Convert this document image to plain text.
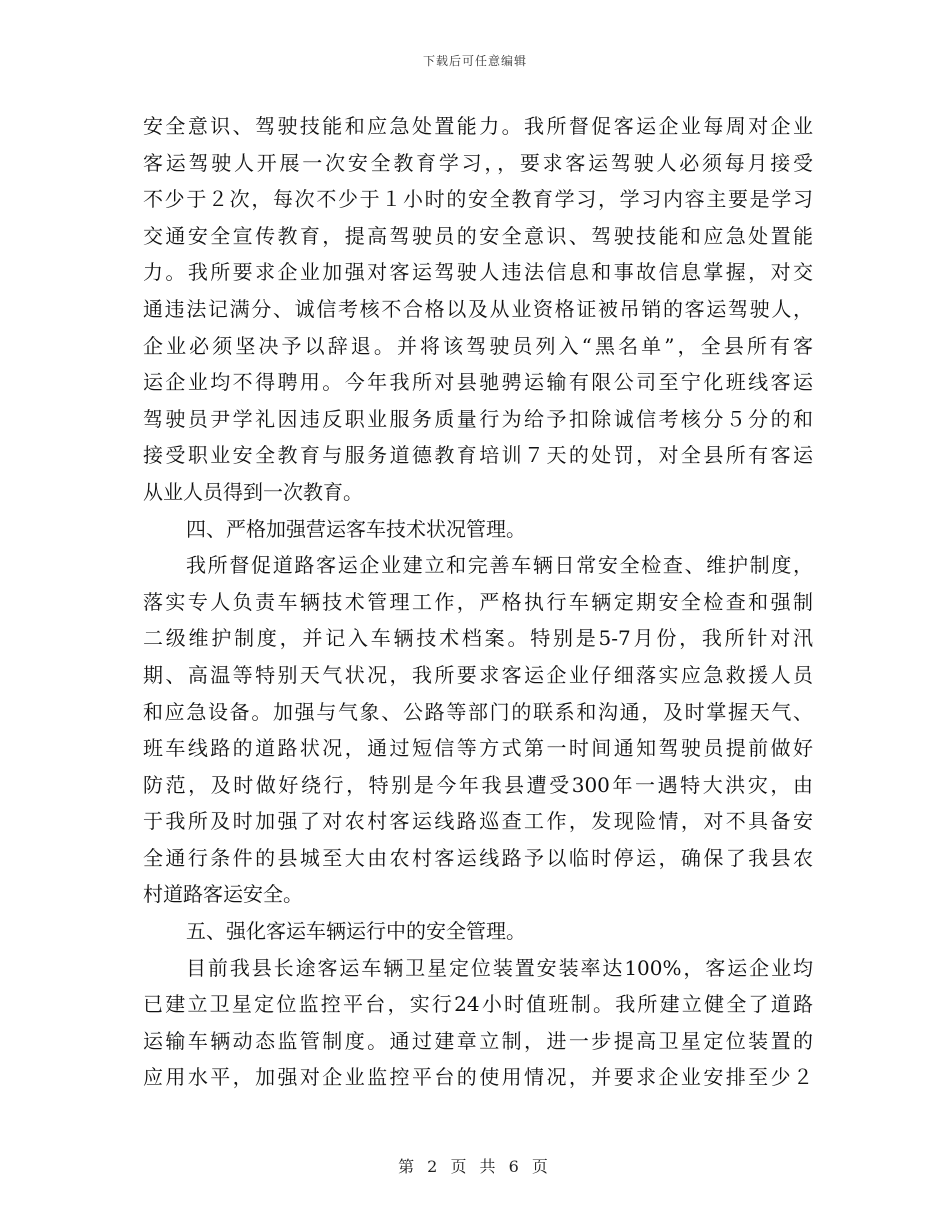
下载后可任意编辑
安全意识、驾驶技能和应急处置能力。我所督促客运企业每周对企业
客运驾驶人开展一次安全教育学习，，要求客运驾驶人必须每月接受
不少于２次，每次不少于１小时的安全教育学习，学习内容主要是学习
交通安全宣传教育，提高驾驶员的安全意识、驾驶技能和应急处置能
力。我所要求企业加强对客运驾驶人违法信息和事故信息掌握，对交
通违法记满分、诚信考核不合格以及从业资格证被吊销的客运驾驶人，
企业必须坚决予以辞退。并将该驾驶员列入“黑名单”，全县所有客
运企业均不得聘用。今年我所对县驰骋运输有限公司至宁化班线客运
驾驶员尹学礼因违反职业服务质量行为给予扣除诚信考核分５分的和
接受职业安全教育与服务道德教育培训７天的处罚，对全县所有客运
从业人员得到一次教育。
四、严格加强营运客车技术状况管理。
我所督促道路客运企业建立和完善车辆日常安全检查、维护制度，
落实专人负责车辆技术管理工作，严格执行车辆定期安全检查和强制
二级维护制度，并记入车辆技术档案。特别是5-7月份，我所针对汛
期、高温等特别天气状况，我所要求客运企业仔细落实应急救援人员
和应急设备。加强与气象、公路等部门的联系和沟通，及时掌握天气、
班车线路的道路状况，通过短信等方式第一时间通知驾驶员提前做好
防范，及时做好绕行，特别是今年我县遭受300年一遇特大洪灾，由
于我所及时加强了对农村客运线路巡查工作，发现险情，对不具备安
全通行条件的县城至大由农村客运线路予以临时停运，确保了我县农
村道路客运安全。
五、强化客运车辆运行中的安全管理。
目前我县长途客运车辆卫星定位装置安装率达100%，客运企业均
已建立卫星定位监控平台，实行24小时值班制。我所建立健全了道路
运输车辆动态监管制度。通过建章立制，进一步提高卫星定位装置的
应用水平，加强对企业监控平台的使用情况，并要求企业安排至少２
第 2 页 共 6 页
